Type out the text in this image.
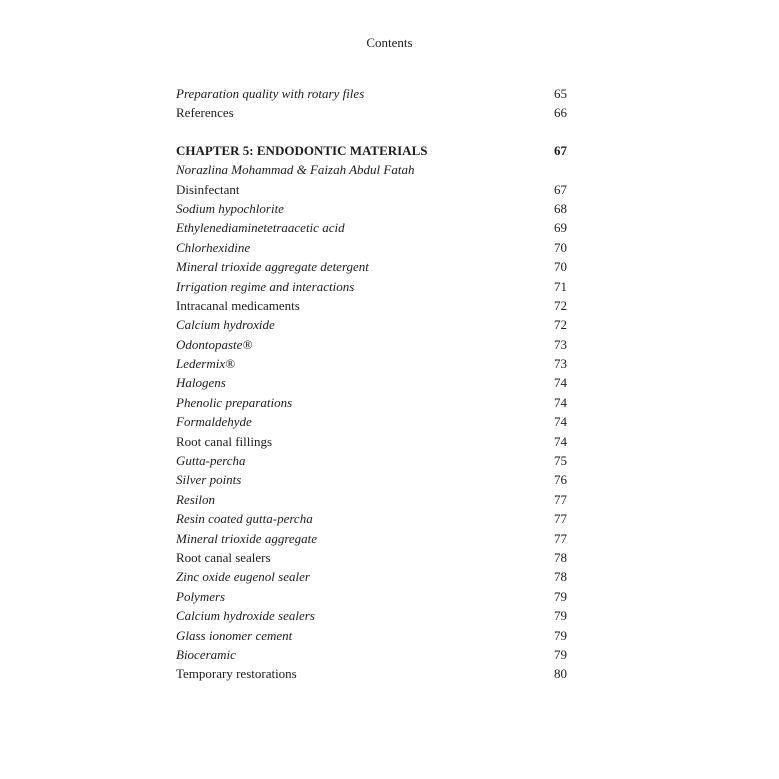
Contents
Preparation quality with rotary files	65
References	66
CHAPTER 5: ENDODONTIC MATERIALS	67
Norazlina Mohammad & Faizah Abdul Fatah
Disinfectant	67
Sodium hypochlorite	68
Ethylenediaminetetraacetic acid	69
Chlorhexidine	70
Mineral trioxide aggregate detergent	70
Irrigation regime and interactions	71
Intracanal medicaments	72
Calcium hydroxide	72
Odontopaste®	73
Ledermix®	73
Halogens	74
Phenolic preparations	74
Formaldehyde	74
Root canal fillings	74
Gutta-percha	75
Silver points	76
Resilon	77
Resin coated gutta-percha	77
Mineral trioxide aggregate	77
Root canal sealers	78
Zinc oxide eugenol sealer	78
Polymers	79
Calcium hydroxide sealers	79
Glass ionomer cement	79
Bioceramic	79
Temporary restorations	80
